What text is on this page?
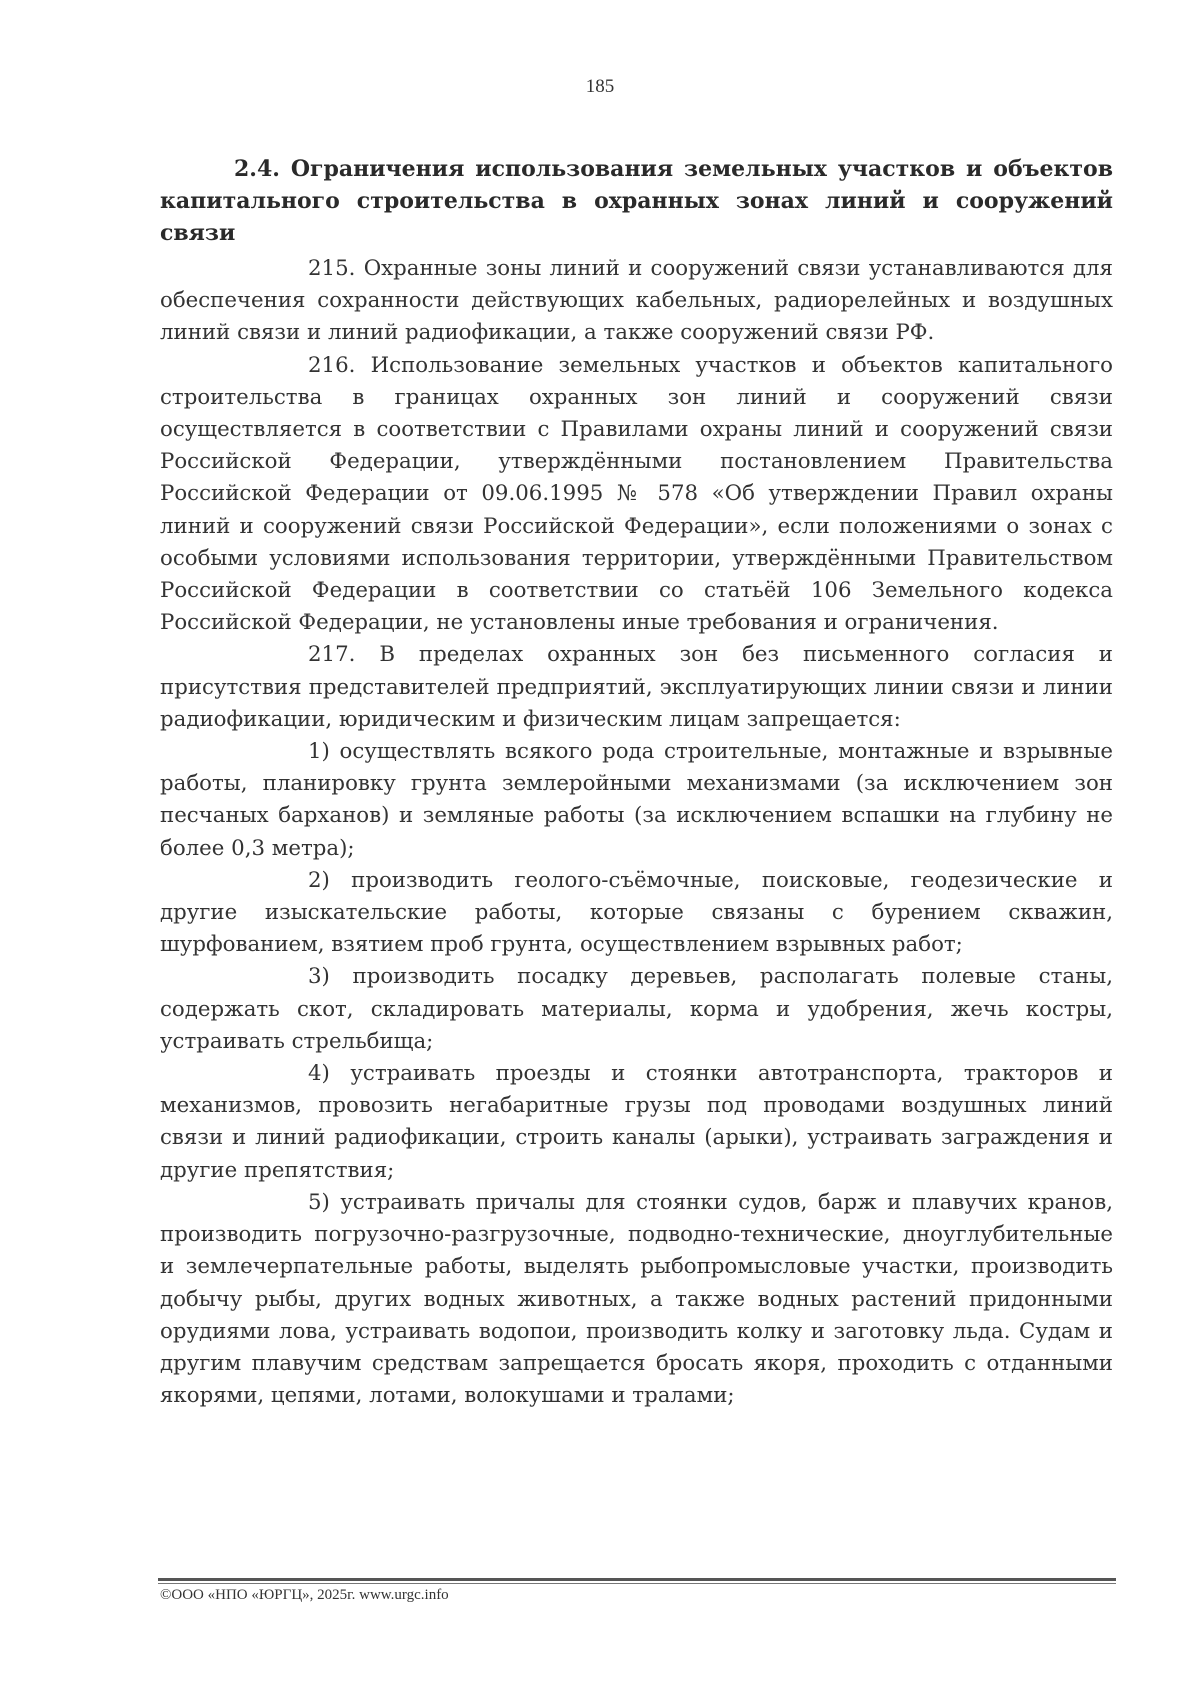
185

2.4. Ограничения использования земельных участков и объектов капитального строительства в охранных зонах линий и сооружений связи

215. Охранные зоны линий и сооружений связи устанавливаются для обеспечения сохранности действующих кабельных, радиорелейных и воздушных линий связи и линий радиофикации, а также сооружений связи РФ.

216. Использование земельных участков и объектов капитального строительства в границах охранных зон линий и сооружений связи осуществляется в соответствии с Правилами охраны линий и сооружений связи Российской Федерации, утверждёнными постановлением Правительства Российской Федерации от 09.06.1995 № 578 «Об утверждении Правил охраны линий и сооружений связи Российской Федерации», если положениями о зонах с особыми условиями использования территории, утверждёнными Правительством Российской Федерации в соответствии со статьёй 106 Земельного кодекса Российской Федерации, не установлены иные требования и ограничения.

217. В пределах охранных зон без письменного согласия и присутствия представителей предприятий, эксплуатирующих линии связи и линии радиофикации, юридическим и физическим лицам запрещается:

1) осуществлять всякого рода строительные, монтажные и взрывные работы, планировку грунта землеройными механизмами (за исключением зон песчаных барханов) и земляные работы (за исключением вспашки на глубину не более 0,3 метра);

2) производить геолого-съёмочные, поисковые, геодезические и другие изыскательские работы, которые связаны с бурением скважин, шурфованием, взятием проб грунта, осуществлением взрывных работ;

3) производить посадку деревьев, располагать полевые станы, содержать скот, складировать материалы, корма и удобрения, жечь костры, устраивать стрельбища;

4) устраивать проезды и стоянки автотранспорта, тракторов и механизмов, провозить негабаритные грузы под проводами воздушных линий связи и линий радиофикации, строить каналы (арыки), устраивать заграждения и другие препятствия;

5) устраивать причалы для стоянки судов, барж и плавучих кранов, производить погрузочно-разгрузочные, подводно-технические, дноуглубительные и землечерпательные работы, выделять рыбопромысловые участки, производить добычу рыбы, других водных животных, а также водных растений придонными орудиями лова, устраивать водопои, производить колку и заготовку льда. Судам и другим плавучим средствам запрещается бросать якоря, проходить с отданными якорями, цепями, лотами, волокушами и тралами;

©ООО «НПО «ЮРГЦ», 2025г. www.urgc.info
